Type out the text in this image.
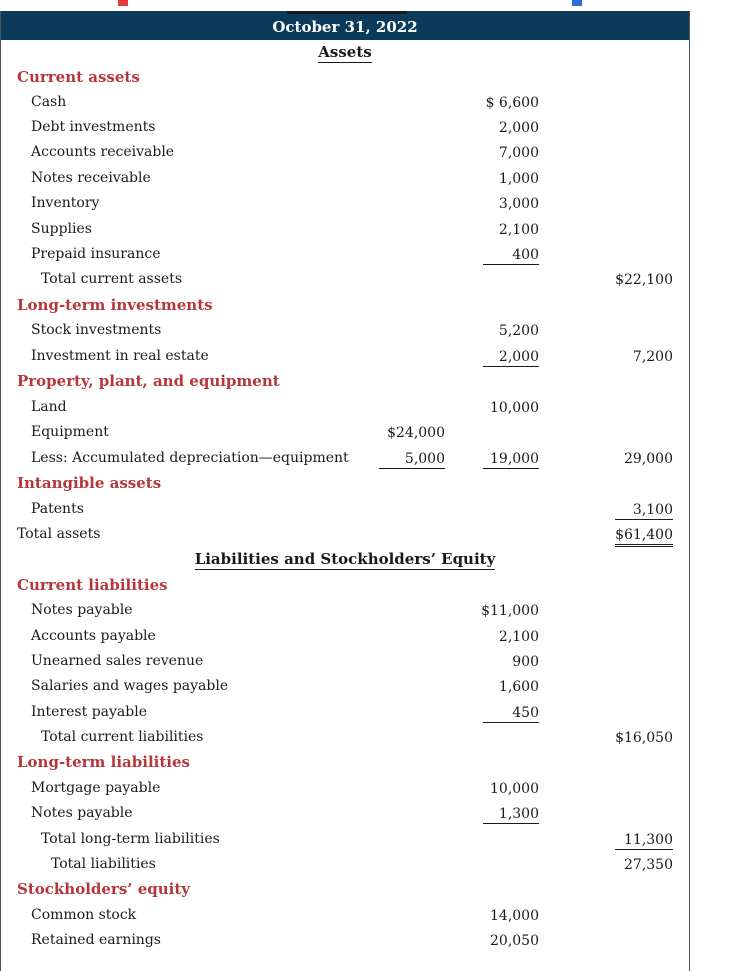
October 31, 2022
Assets
Current assets
Cash	$ 6,600
Debt investments	2,000
Accounts receivable	7,000
Notes receivable	1,000
Inventory	3,000
Supplies	2,100
Prepaid insurance	400
Total current assets	$22,100
Long-term investments
Stock investments	5,200
Investment in real estate	2,000	7,200
Property, plant, and equipment
Land	10,000
Equipment	$24,000
Less: Accumulated depreciation—equipment	5,000	19,000	29,000
Intangible assets
Patents	3,100
Total assets	$61,400
Liabilities and Stockholders’ Equity
Current liabilities
Notes payable	$11,000
Accounts payable	2,100
Unearned sales revenue	900
Salaries and wages payable	1,600
Interest payable	450
Total current liabilities	$16,050
Long-term liabilities
Mortgage payable	10,000
Notes payable	1,300
Total long-term liabilities	11,300
Total liabilities	27,350
Stockholders’ equity
Common stock	14,000
Retained earnings	20,050
